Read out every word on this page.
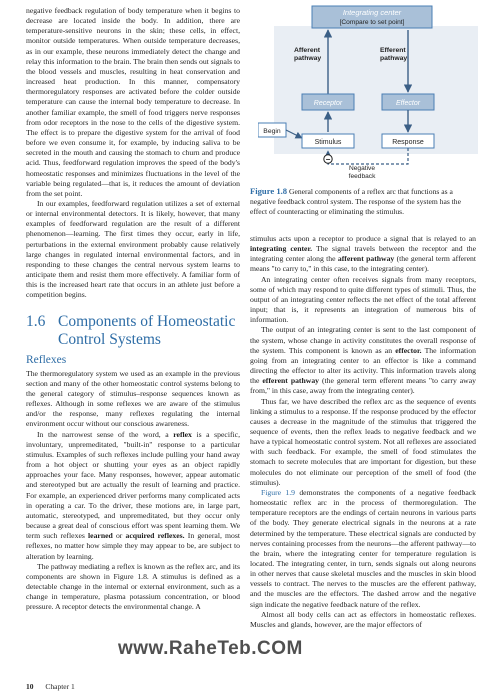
Integrating center
[Compare to set point]
Afferent
pathway
Efferent
pathway
Receptor	Effector
Begin
Stimulus	Response
−
Negative
feedback
Figure 1.8 General components of a reflex arc that functions as a negative feedback control system. The response of the system has the effect of counteracting or eliminating the stimulus.

negative feedback regulation of body temperature when it begins to decrease are located inside the body. In addition, there are temperature-sensitive neurons in the skin; these cells, in effect, monitor outside temperatures. When outside temperature decreases, as in our example, these neurons immediately detect the change and relay this information to the brain. The brain then sends out signals to the blood vessels and muscles, resulting in heat conservation and increased heat production. In this manner, compensatory thermoregulatory responses are activated before the colder outside temperature can cause the internal body temperature to decrease. In another familiar example, the smell of food triggers nerve responses from odor receptors in the nose to the cells of the digestive system. The effect is to prepare the digestive system for the arrival of food before we even consume it, for example, by inducing saliva to be secreted in the mouth and causing the stomach to churn and produce acid. Thus, feedforward regulation improves the speed of the body's homeostatic responses and minimizes fluctuations in the level of the variable being regulated—that is, it reduces the amount of deviation from the set point.

In our examples, feedforward regulation utilizes a set of external or internal environmental detectors. It is likely, however, that many examples of feedforward regulation are the result of a different phenomenon—learning. The first times they occur, early in life, perturbations in the external environment probably cause relatively large changes in regulated internal environmental factors, and in responding to these changes the central nervous system learns to anticipate them and resist them more effectively. A familiar form of this is the increased heart rate that occurs in an athlete just before a competition begins.

1.6 Components of Homeostatic Control Systems
Reflexes

The thermoregulatory system we used as an example in the previous section and many of the other homeostatic control systems belong to the general category of stimulus–response sequences known as reflexes. Although in some reflexes we are aware of the stimulus and/or the response, many reflexes regulating the internal environment occur without our conscious awareness.

In the narrowest sense of the word, a reflex is a specific, involuntary, unpremeditated, "built-in" response to a particular stimulus. Examples of such reflexes include pulling your hand away from a hot object or shutting your eyes as an object rapidly approaches your face. Many responses, however, appear automatic and stereotyped but are actually the result of learning and practice. For example, an experienced driver performs many complicated acts in operating a car. To the driver, these motions are, in large part, automatic, stereotyped, and unpremeditated, but they occur only because a great deal of conscious effort was spent learning them. We term such reflexes learned or acquired reflexes. In general, most reflexes, no matter how simple they may appear to be, are subject to alteration by learning.

The pathway mediating a reflex is known as the reflex arc, and its components are shown in Figure 1.8. A stimulus is defined as a detectable change in the internal or external environment, such as a change in temperature, plasma potassium concentration, or blood pressure. A receptor detects the environmental change. A

stimulus acts upon a receptor to produce a signal that is relayed to an integrating center. The signal travels between the receptor and the integrating center along the afferent pathway (the general term afferent means "to carry to," in this case, to the integrating center).

An integrating center often receives signals from many receptors, some of which may respond to quite different types of stimuli. Thus, the output of an integrating center reflects the net effect of the total afferent input; that is, it represents an integration of numerous bits of information.

The output of an integrating center is sent to the last component of the system, whose change in activity constitutes the overall response of the system. This component is known as an effector. The information going from an integrating center to an effector is like a command directing the effector to alter its activity. This information travels along the efferent pathway (the general term efferent means "to carry away from," in this case, away from the integrating center).

Thus far, we have described the reflex arc as the sequence of events linking a stimulus to a response. If the response produced by the effector causes a decrease in the magnitude of the stimulus that triggered the sequence of events, then the reflex leads to negative feedback and we have a typical homeostatic control system. Not all reflexes are associated with such feedback. For example, the smell of food stimulates the stomach to secrete molecules that are important for digestion, but these molecules do not eliminate our perception of the smell of food (the stimulus).

Figure 1.9 demonstrates the components of a negative feedback homeostatic reflex arc in the process of thermoregulation. The temperature receptors are the endings of certain neurons in various parts of the body. They generate electrical signals in the neurons at a rate determined by the temperature. These electrical signals are conducted by nerves containing processes from the neurons—the afferent pathway—to the brain, where the integrating center for temperature regulation is located. The integrating center, in turn, sends signals out along neurons in other nerves that cause skeletal muscles and the muscles in skin blood vessels to contract. The nerves to the muscles are the efferent pathway, and the muscles are the effectors. The dashed arrow and the negative sign indicate the negative feedback nature of the reflex.

Almost all body cells can act as effectors in homeostatic reflexes. Muscles and glands, however, are the major effectors of

www.RaheTeb.COM
10 Chapter 1
